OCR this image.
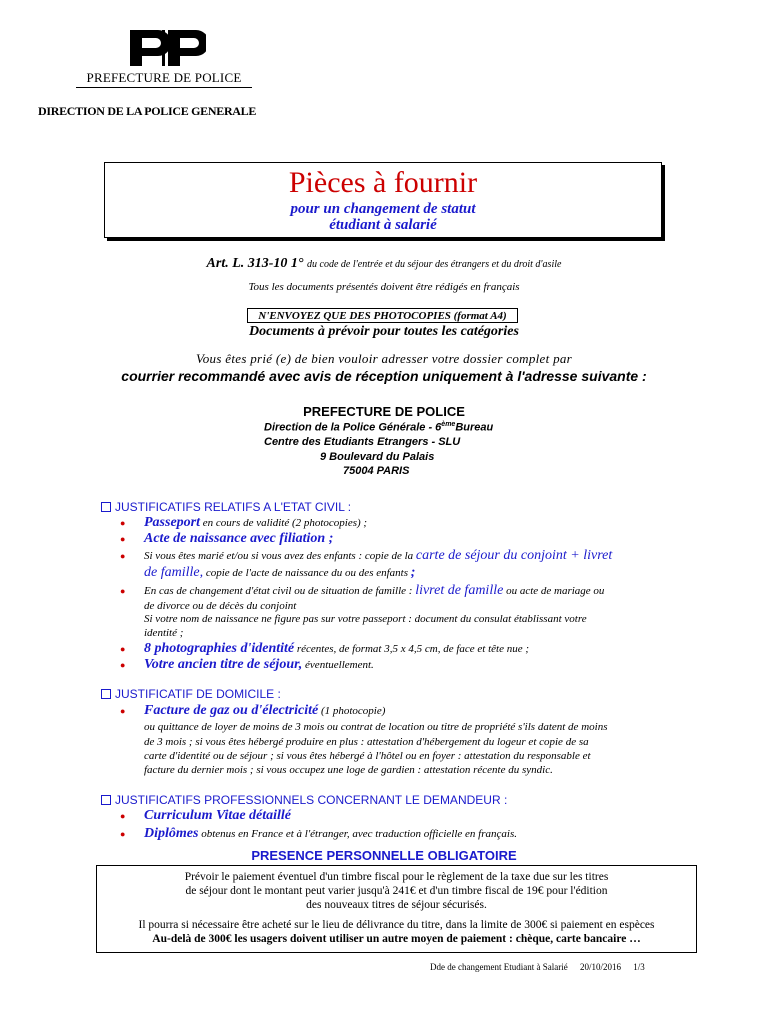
PREFECTURE DE POLICE
DIRECTION DE LA POLICE GENERALE
Pièces à fournir
pour un changement de statut
étudiant à salarié
Art. L. 313-10 1° du code de l'entrée et du séjour des étrangers et du droit d'asile
Tous les documents présentés doivent être rédigés en français
N'ENVOYEZ QUE DES PHOTOCOPIES (format A4)
Documents à prévoir pour toutes les catégories
Vous êtes prié (e) de bien vouloir adresser votre dossier complet par
courrier recommandé avec avis de réception uniquement à l'adresse suivante :
PREFECTURE DE POLICE
Direction de la Police Générale - 6èmeBureau
Centre des Etudiants Etrangers - SLU
9 Boulevard du Palais
75004 PARIS
JUSTIFICATIFS RELATIFS A L'ETAT CIVIL :
● Passeport en cours de validité (2 photocopies) ;
● Acte de naissance avec filiation ;
● Si vous êtes marié et/ou si vous avez des enfants : copie de la carte de séjour du conjoint + livret
de famille, copie de l'acte de naissance du ou des enfants ;
● En cas de changement d'état civil ou de situation de famille : livret de famille ou acte de mariage ou
de divorce ou de décès du conjoint
Si votre nom de naissance ne figure pas sur votre passeport : document du consulat établissant votre
identité ;
● 8 photographies d'identité récentes, de format 3,5 x 4,5 cm, de face et tête nue ;
● Votre ancien titre de séjour, éventuellement.
JUSTIFICATIF DE DOMICILE :
● Facture de gaz ou d'électricité (1 photocopie)
ou quittance de loyer de moins de 3 mois ou contrat de location ou titre de propriété s'ils datent de moins
de 3 mois ; si vous êtes hébergé produire en plus : attestation d'hébergement du logeur et copie de sa
carte d'identité ou de séjour ; si vous êtes hébergé à l'hôtel ou en foyer : attestation du responsable et
facture du dernier mois ; si vous occupez une loge de gardien : attestation récente du syndic.
JUSTIFICATIFS PROFESSIONNELS CONCERNANT LE DEMANDEUR :
● Curriculum Vitae détaillé
● Diplômes obtenus en France et à l'étranger, avec traduction officielle en français.
PRESENCE PERSONNELLE OBLIGATOIRE
Prévoir le paiement éventuel d'un timbre fiscal pour le règlement de la taxe due sur les titres
de séjour dont le montant peut varier jusqu'à 241€ et d'un timbre fiscal de 19€ pour l'édition
des nouveaux titres de séjour sécurisés.
Il pourra si nécessaire être acheté sur le lieu de délivrance du titre, dans la limite de 300€ si paiement en espèces
Au-delà de 300€ les usagers doivent utiliser un autre moyen de paiement : chèque, carte bancaire …
Dde de changement Etudiant à Salarié 20/10/2016 1/3
